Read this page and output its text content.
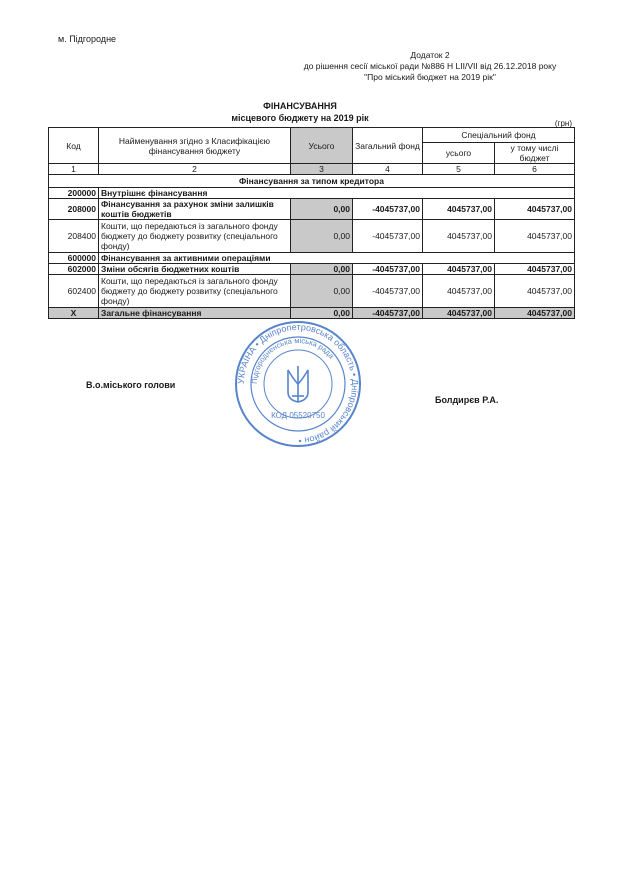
м. Підгородне
Додаток 2
до рішення сесії міської ради №886 Н LII/VII від 26.12.2018 року
"Про міський бюджет на 2019 рік"
ФІНАНСУВАННЯ
місцевого бюджету на 2019 рік
Код	Найменування згідно з Класифікацією фінансування бюджету	Усього	Загальний фонд	(грн)
Спеціальний фонд	
				усього	у тому числі бюджет
1	2	3	4	5	6
Фінансування за типом кредитора					
200000	Внутрішнє фінансування				
208000	Фінансування за рахунок зміни залишків коштів бюджетів	0,00	-4045737,00	4045737,00	4045737,00
208400	Кошти, що передаються із загального фонду бюджету до бюджету розвитку (спеціального фонду)	0,00	-4045737,00	4045737,00	4045737,00
600000	Фінансування за активними операціями				
602000	Зміни обсягів бюджетних коштів	0,00	-4045737,00	4045737,00	4045737,00
602400	Кошти, що передаються із загального фонду бюджету до бюджету розвитку (спеціального фонду)	0,00	-4045737,00	4045737,00	4045737,00
X	Загальне фінансування	0,00	-4045737,00	4045737,00	4045737,00
УКРАЇНА • Дніпропетровська область • Дніпровський район •
Підгородненська міська рада
КОД 05520750
В.о.міського голови
Болдирєв Р.А.
